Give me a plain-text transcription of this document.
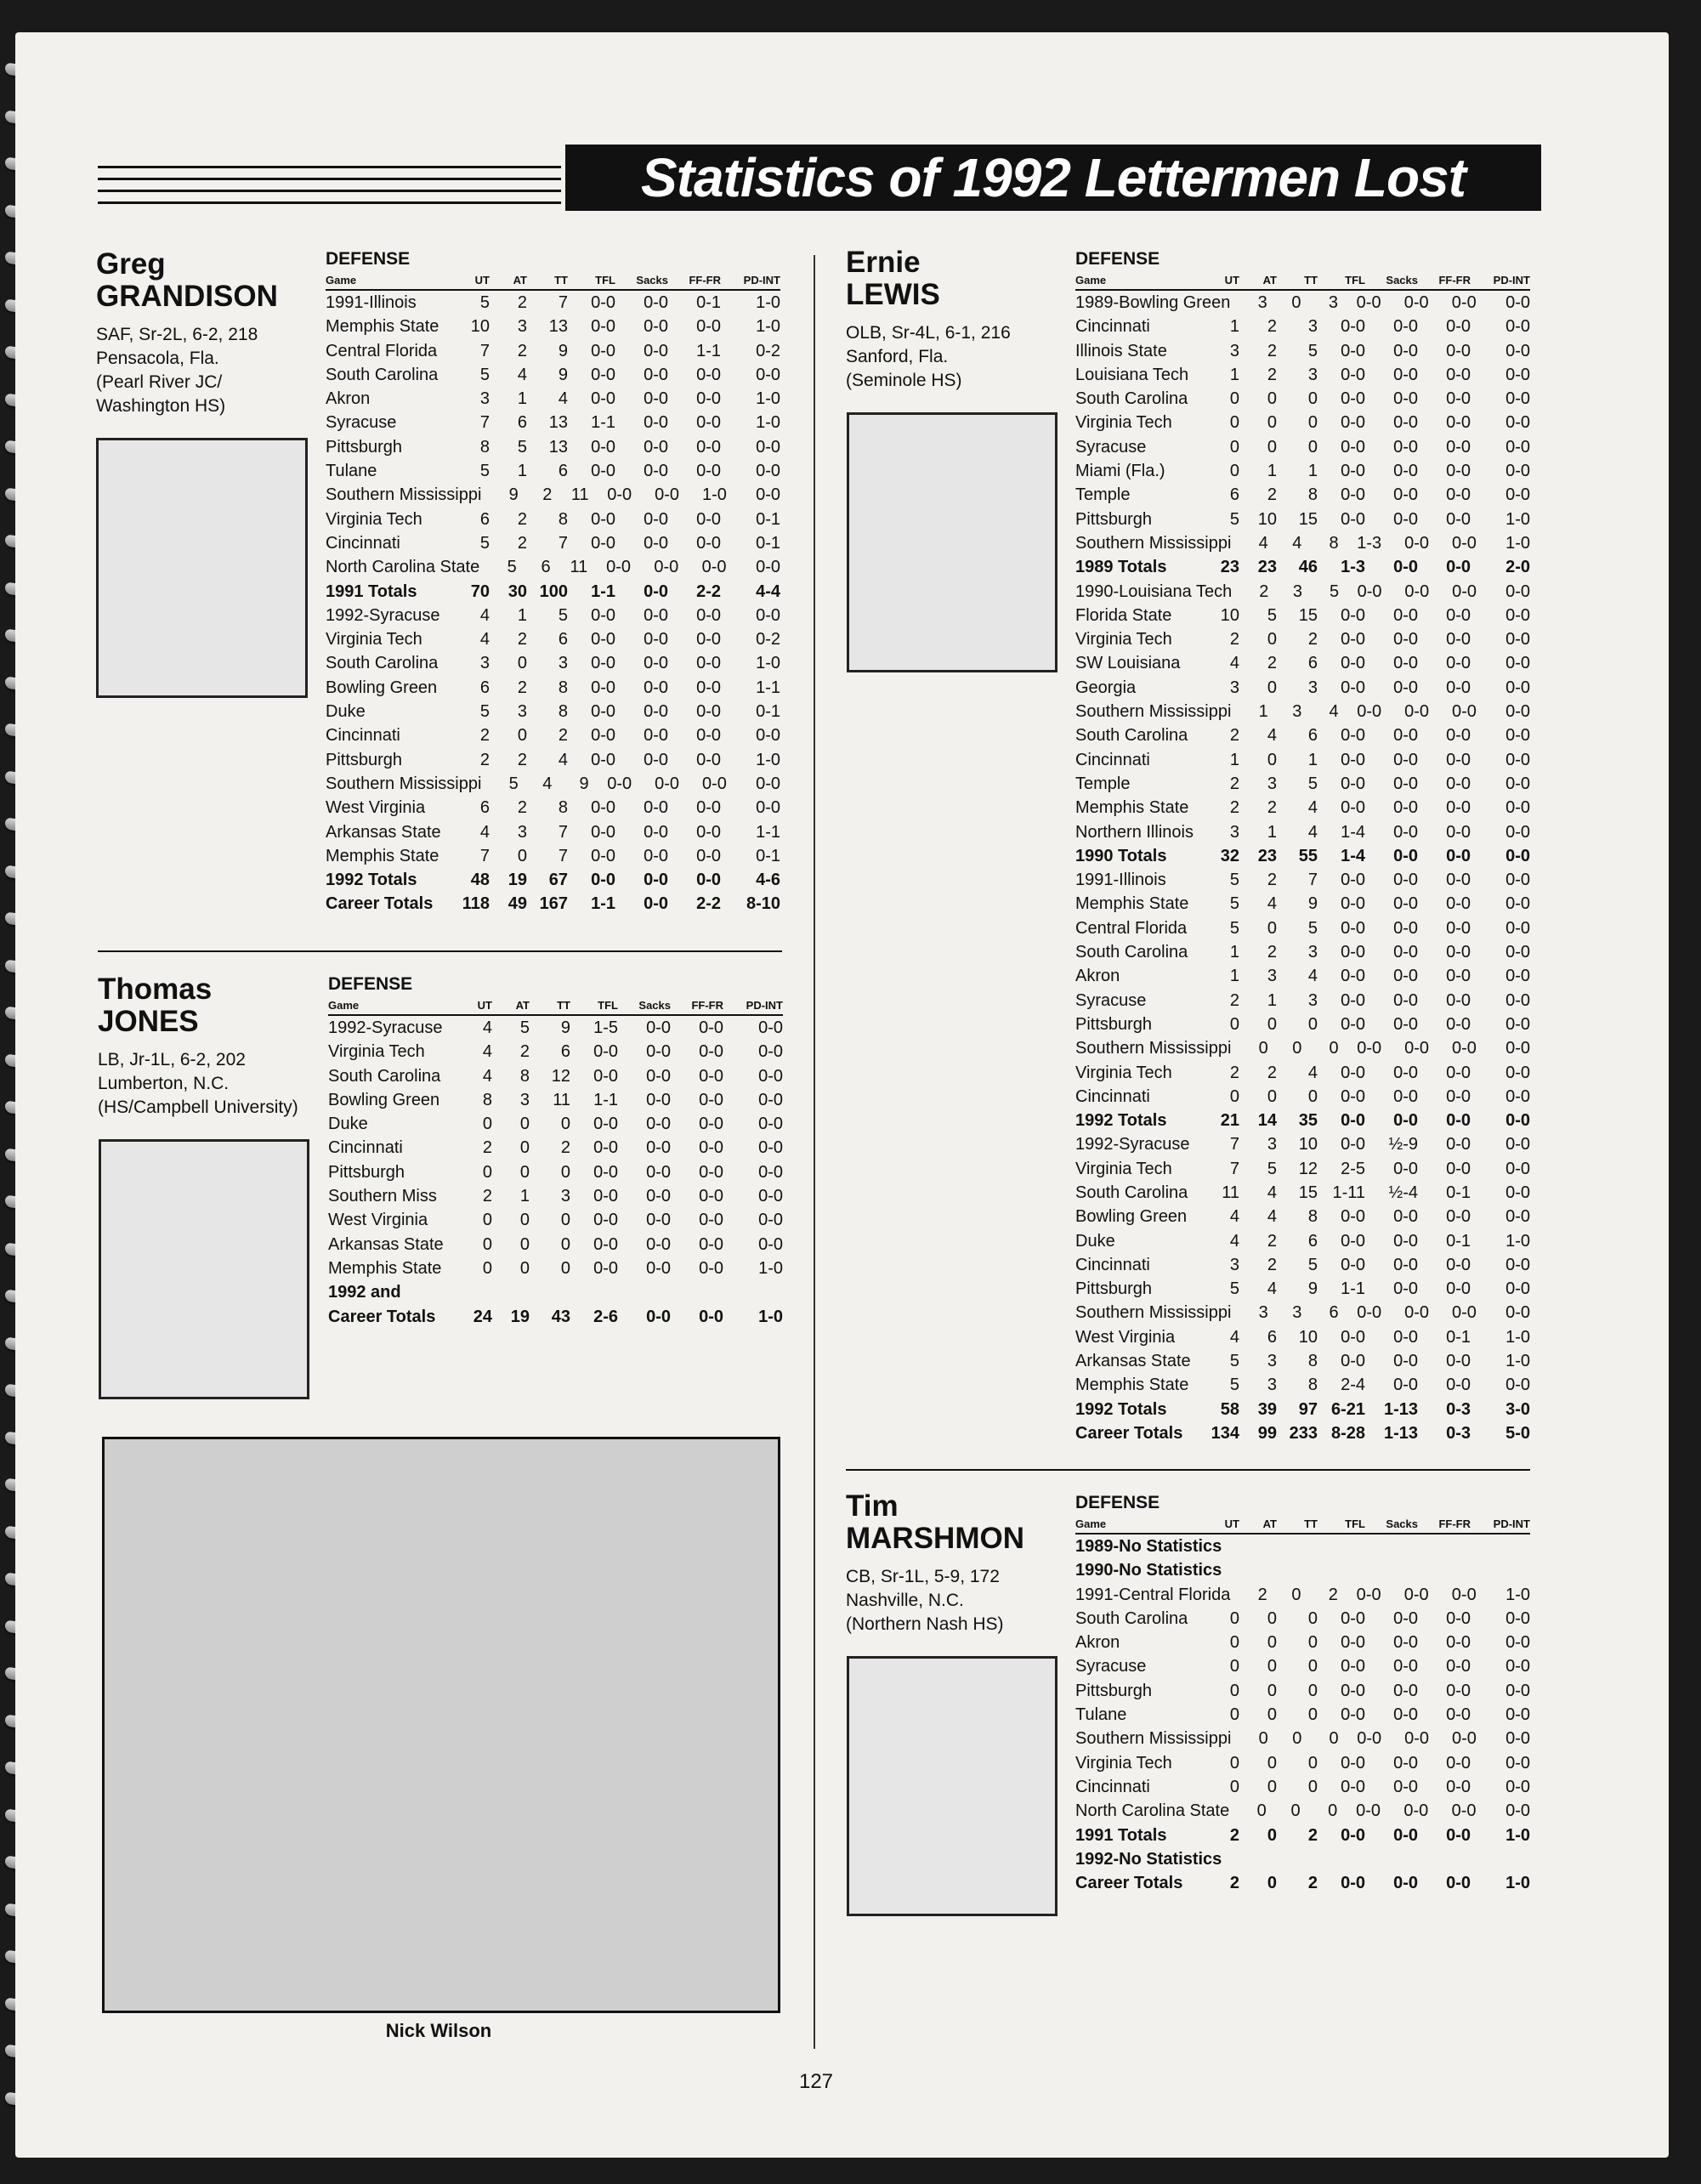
Statistics of 1992 Lettermen Lost
Greg
GRANDISON
SAF, Sr-2L, 6-2, 218
Pensacola, Fla.
(Pearl River JC/
Washington HS)
DEFENSE
Game	UT	AT	TT	TFL	Sacks	FF-FR	PD-INT
1991-Illinois	5	2	7	0-0	0-0	0-1	1-0
Memphis State	10	3	13	0-0	0-0	0-0	1-0
Central Florida	7	2	9	0-0	0-0	1-1	0-2
South Carolina	5	4	9	0-0	0-0	0-0	0-0
Akron	3	1	4	0-0	0-0	0-0	1-0
Syracuse	7	6	13	1-1	0-0	0-0	1-0
Pittsburgh	8	5	13	0-0	0-0	0-0	0-0
Tulane	5	1	6	0-0	0-0	0-0	0-0
Southern Mississippi	9	2	11	0-0	0-0	1-0	0-0
Virginia Tech	6	2	8	0-0	0-0	0-0	0-1
Cincinnati	5	2	7	0-0	0-0	0-0	0-1
North Carolina State	5	6	11	0-0	0-0	0-0	0-0
1991 Totals	70	30 100	1-1	0-0	2-2	4-4
1992-Syracuse	4	1	5	0-0	0-0	0-0	0-0
Virginia Tech	4	2	6	0-0	0-0	0-0	0-2
South Carolina	3	0	3	0-0	0-0	0-0	1-0
Bowling Green	6	2	8	0-0	0-0	0-0	1-1
Duke	5	3	8	0-0	0-0	0-0	0-1
Cincinnati	2	0	2	0-0	0-0	0-0	0-0
Pittsburgh	2	2	4	0-0	0-0	0-0	1-0
Southern Mississippi	5	4	9	0-0	0-0	0-0	0-0
West Virginia	6	2	8	0-0	0-0	0-0	0-0
Arkansas State	4	3	7	0-0	0-0	0-0	1-1
Memphis State	7	0	7	0-0	0-0	0-0	0-1
1992 Totals	48	19	67	0-0	0-0	0-0	4-6
Career Totals	118	49 167	1-1	0-0	2-2	8-10
Thomas
JONES
LB, Jr-1L, 6-2, 202
Lumberton, N.C.
(HS/Campbell University)
DEFENSE
Game	UT	AT	TT	TFL	Sacks	FF-FR	PD-INT
1992-Syracuse	4	5	9	1-5	0-0	0-0	0-0
Virginia Tech	4	2	6	0-0	0-0	0-0	0-0
South Carolina	4	8	12	0-0	0-0	0-0	0-0
Bowling Green	8	3	11	1-1	0-0	0-0	0-0
Duke	0	0	0	0-0	0-0	0-0	0-0
Cincinnati	2	0	2	0-0	0-0	0-0	0-0
Pittsburgh	0	0	0	0-0	0-0	0-0	0-0
Southern Miss	2	1	3	0-0	0-0	0-0	0-0
West Virginia	0	0	0	0-0	0-0	0-0	0-0
Arkansas State	0	0	0	0-0	0-0	0-0	0-0
Memphis State	0	0	0	0-0	0-0	0-0	1-0
1992 and
Career Totals	24	19	43	2-6	0-0	0-0	1-0
Ernie
LEWIS
OLB, Sr-4L, 6-1, 216
Sanford, Fla.
(Seminole HS)
DEFENSE
Game	UT	AT	TT	TFL	Sacks	FF-FR	PD-INT
1989-Bowling Green	3	0	3	0-0	0-0	0-0	0-0
Cincinnati	1	2	3	0-0	0-0	0-0	0-0
Illinois State	3	2	5	0-0	0-0	0-0	0-0
Louisiana Tech	1	2	3	0-0	0-0	0-0	0-0
South Carolina	0	0	0	0-0	0-0	0-0	0-0
Virginia Tech	0	0	0	0-0	0-0	0-0	0-0
Syracuse	0	0	0	0-0	0-0	0-0	0-0
Miami (Fla.)	0	1	1	0-0	0-0	0-0	0-0
Temple	6	2	8	0-0	0-0	0-0	0-0
Pittsburgh	5	10	15	0-0	0-0	0-0	1-0
Southern Mississippi	4	4	8	1-3	0-0	0-0	1-0
1989 Totals	23	23	46	1-3	0-0	0-0	2-0
1990-Louisiana Tech	2	3	5	0-0	0-0	0-0	0-0
Florida State	10	5	15	0-0	0-0	0-0	0-0
Virginia Tech	2	0	2	0-0	0-0	0-0	0-0
SW Louisiana	4	2	6	0-0	0-0	0-0	0-0
Georgia	3	0	3	0-0	0-0	0-0	0-0
Southern Mississippi	1	3	4	0-0	0-0	0-0	0-0
South Carolina	2	4	6	0-0	0-0	0-0	0-0
Cincinnati	1	0	1	0-0	0-0	0-0	0-0
Temple	2	3	5	0-0	0-0	0-0	0-0
Memphis State	2	2	4	0-0	0-0	0-0	0-0
Northern Illinois	3	1	4	1-4	0-0	0-0	0-0
1990 Totals	32	23	55	1-4	0-0	0-0	0-0
1991-Illinois	5	2	7	0-0	0-0	0-0	0-0
Memphis State	5	4	9	0-0	0-0	0-0	0-0
Central Florida	5	0	5	0-0	0-0	0-0	0-0
South Carolina	1	2	3	0-0	0-0	0-0	0-0
Akron	1	3	4	0-0	0-0	0-0	0-0
Syracuse	2	1	3	0-0	0-0	0-0	0-0
Pittsburgh	0	0	0	0-0	0-0	0-0	0-0
Southern Mississippi	0	0	0	0-0	0-0	0-0	0-0
Virginia Tech	2	2	4	0-0	0-0	0-0	0-0
Cincinnati	0	0	0	0-0	0-0	0-0	0-0
1992 Totals	21	14	35	0-0	0-0	0-0	0-0
1992-Syracuse	7	3	10	0-0	½-9	0-0	0-0
Virginia Tech	7	5	12	2-5	0-0	0-0	0-0
South Carolina	11	4	15 1-11	½-4	0-1	0-0
Bowling Green	4	4	8	0-0	0-0	0-0	0-0
Duke	4	2	6	0-0	0-0	0-1	1-0
Cincinnati	3	2	5	0-0	0-0	0-0	0-0
Pittsburgh	5	4	9	1-1	0-0	0-0	0-0
Southern Mississippi	3	3	6	0-0	0-0	0-0	0-0
West Virginia	4	6	10	0-0	0-0	0-1	1-0
Arkansas State	5	3	8	0-0	0-0	0-0	1-0
Memphis State	5	3	8	2-4	0-0	0-0	0-0
1992 Totals	58	39	97 6-21	1-13	0-3	3-0
Career Totals	134	99 233 8-28	1-13	0-3	5-0
Tim
MARSHMON
CB, Sr-1L, 5-9, 172
Nashville, N.C.
(Northern Nash HS)
DEFENSE
Game	UT	AT	TT	TFL	Sacks	FF-FR	PD-INT
1989-No Statistics
1990-No Statistics
1991-Central Florida	2	0	2	0-0	0-0	0-0	1-0
South Carolina	0	0	0	0-0	0-0	0-0	0-0
Akron	0	0	0	0-0	0-0	0-0	0-0
Syracuse	0	0	0	0-0	0-0	0-0	0-0
Pittsburgh	0	0	0	0-0	0-0	0-0	0-0
Tulane	0	0	0	0-0	0-0	0-0	0-0
Southern Mississippi	0	0	0	0-0	0-0	0-0	0-0
Virginia Tech	0	0	0	0-0	0-0	0-0	0-0
Cincinnati	0	0	0	0-0	0-0	0-0	0-0
North Carolina State	0	0	0	0-0	0-0	0-0	0-0
1991 Totals	2	0	2	0-0	0-0	0-0	1-0
1992-No Statistics
Career Totals	2	0	2	0-0	0-0	0-0	1-0
Nick Wilson
127
